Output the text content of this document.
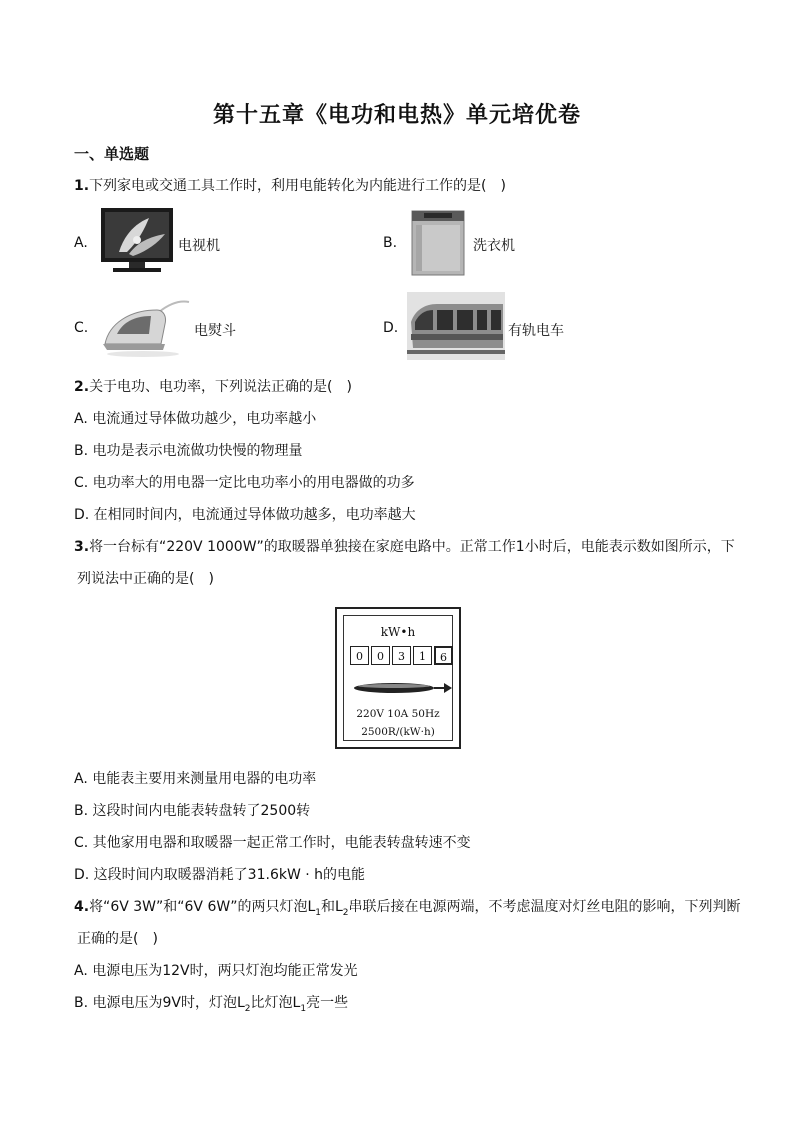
第十五章《电功和电热》单元培优卷
一、单选题
1.下列家电或交通工具工作时，利用电能转化为内能进行工作的是(　)
A.	电视机	B.	洗衣机
C.	电熨斗	D.	有轨电车
2.关于电功、电功率，下列说法正确的是(　)
A. 电流通过导体做功越少，电功率越小
B. 电功是表示电流做功快慢的物理量
C. 电功率大的用电器一定比电功率小的用电器做的功多
D. 在相同时间内，电流通过导体做功越多，电功率越大
3.将一台标有“220V 1000W”的取暖器单独接在家庭电路中。正常工作1小时后，电能表示数如图所示，下
列说法中正确的是(　)
kW•h
0	0	3	1	6
220V 10A 50Hz
2500R/(kW·h)
A. 电能表主要用来测量用电器的电功率
B. 这段时间内电能表转盘转了2500转
C. 其他家用电器和取暖器一起正常工作时，电能表转盘转速不变
D. 这段时间内取暖器消耗了31.6kW · h的电能
4.将“6V 3W”和“6V 6W”的两只灯泡$L_1$和$L_2$串联后接在电源两端，不考虑温度对灯丝电阻的影响，下列判断
正确的是(　)
A. 电源电压为12V时，两只灯泡均能正常发光
B. 电源电压为9V时，灯泡$L_2$比灯泡$L_1$亮一些
